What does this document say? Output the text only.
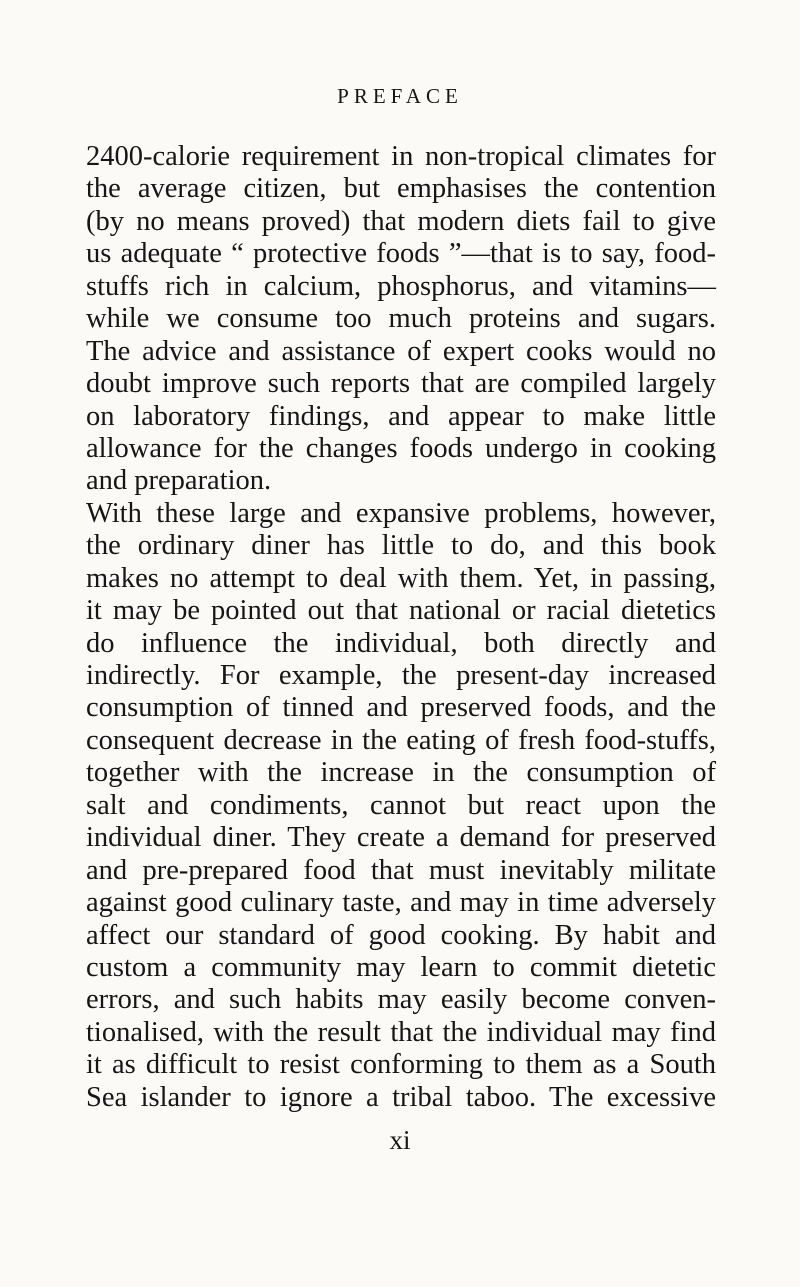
PREFACE
2400-calorie requirement in non-tropical climates for
the average citizen, but emphasises the contention
(by no means proved) that modern diets fail to give
us adequate “ protective foods ”—that is to say, food-
stuffs rich in calcium, phosphorus, and vitamins—
while we consume too much proteins and sugars.
The advice and assistance of expert cooks would no
doubt improve such reports that are compiled largely
on laboratory findings, and appear to make little
allowance for the changes foods undergo in cooking
and preparation.
With these large and expansive problems, however,
the ordinary diner has little to do, and this book
makes no attempt to deal with them. Yet, in passing,
it may be pointed out that national or racial dietetics
do influence the individual, both directly and
indirectly. For example, the present-day increased
consumption of tinned and preserved foods, and the
consequent decrease in the eating of fresh food-stuffs,
together with the increase in the consumption of
salt and condiments, cannot but react upon the
individual diner. They create a demand for preserved
and pre-prepared food that must inevitably militate
against good culinary taste, and may in time adversely
affect our standard of good cooking. By habit and
custom a community may learn to commit dietetic
errors, and such habits may easily become conven-
tionalised, with the result that the individual may find
it as difficult to resist conforming to them as a South
Sea islander to ignore a tribal taboo. The excessive
xi
